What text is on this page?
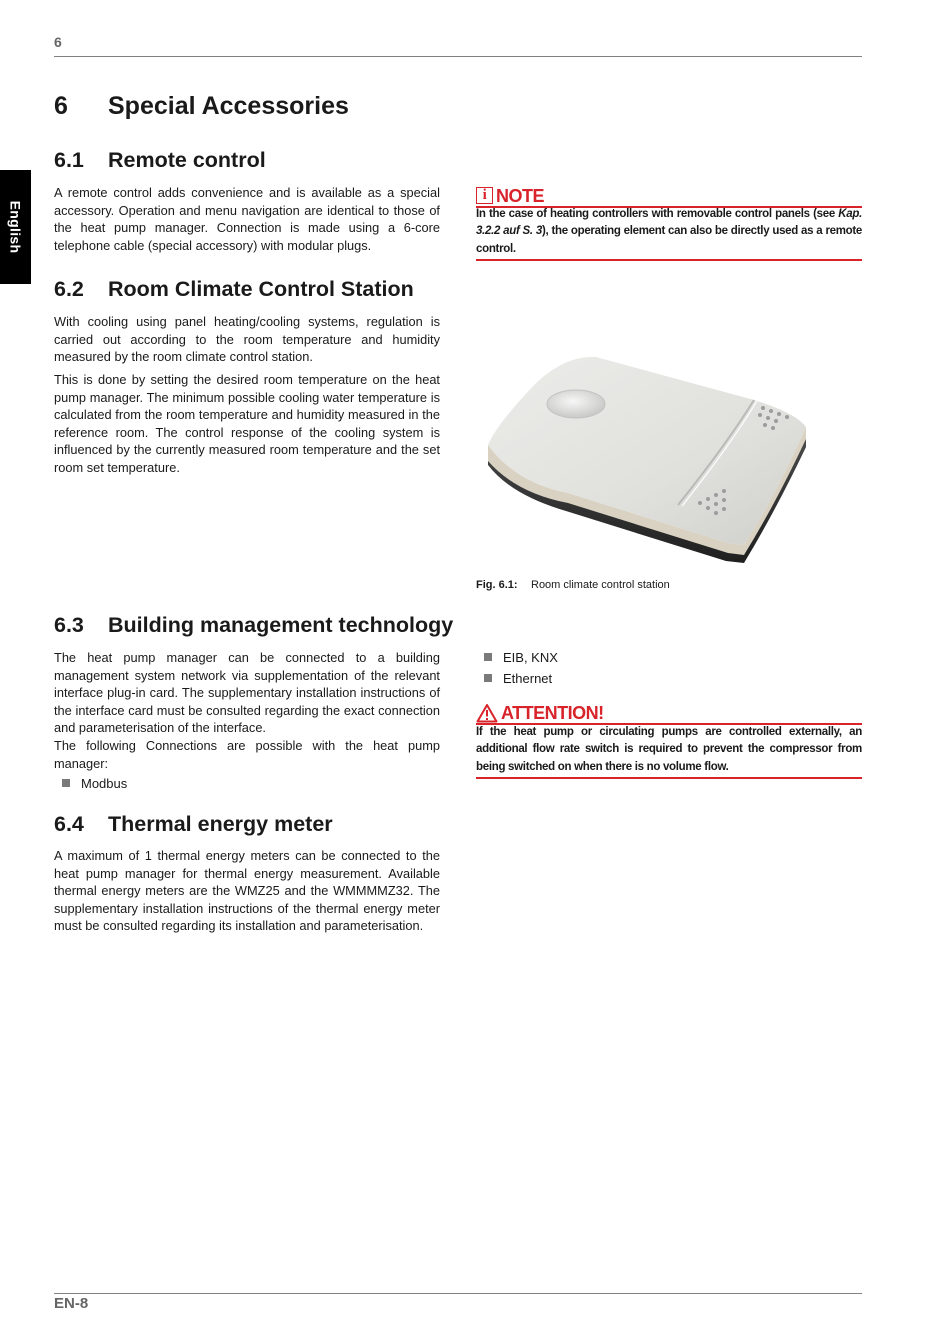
6
English
6 Special Accessories
6.1 Remote control

A remote control adds convenience and is available as a special accessory. Operation and menu navigation are identical to those of the heat pump manager. Connection is made using a 6-core telephone cable (special accessory) with modular plugs.

i NOTE
In the case of heating controllers with removable control panels (see Kap. 3.2.2 auf S. 3), the operating element can also be directly used as a remote control.
6.2 Room Climate Control Station

With cooling using panel heating/cooling systems, regulation is carried out according to the room temperature and humidity measured by the room climate control station.

This is done by setting the desired room temperature on the heat pump manager. The minimum possible cooling water temperature is calculated from the room temperature and humidity measured in the reference room. The control response of the cooling system is influenced by the currently measured room temperature and the set room set temperature.

Fig. 6.1: Room climate control station
6.3 Building management technology

The heat pump manager can be connected to a building management system network via supplementation of the relevant interface plug-in card. The supplementary installation instructions of the interface card must be consulted regarding the exact connection and parameterisation of the interface.

The following Connections are possible with the heat pump manager:

Modbus
EIB, KNX
Ethernet
ATTENTION!
If the heat pump or circulating pumps are controlled externally, an additional flow rate switch is required to prevent the compressor from being switched on when there is no volume flow.
6.4 Thermal energy meter

A maximum of 1 thermal energy meters can be connected to the heat pump manager for thermal energy measurement. Available thermal energy meters are the WMZ25 and the WMMMMZ32. The supplementary installation instructions of the thermal energy meter must be consulted regarding its installation and parameterisation.

EN-8
